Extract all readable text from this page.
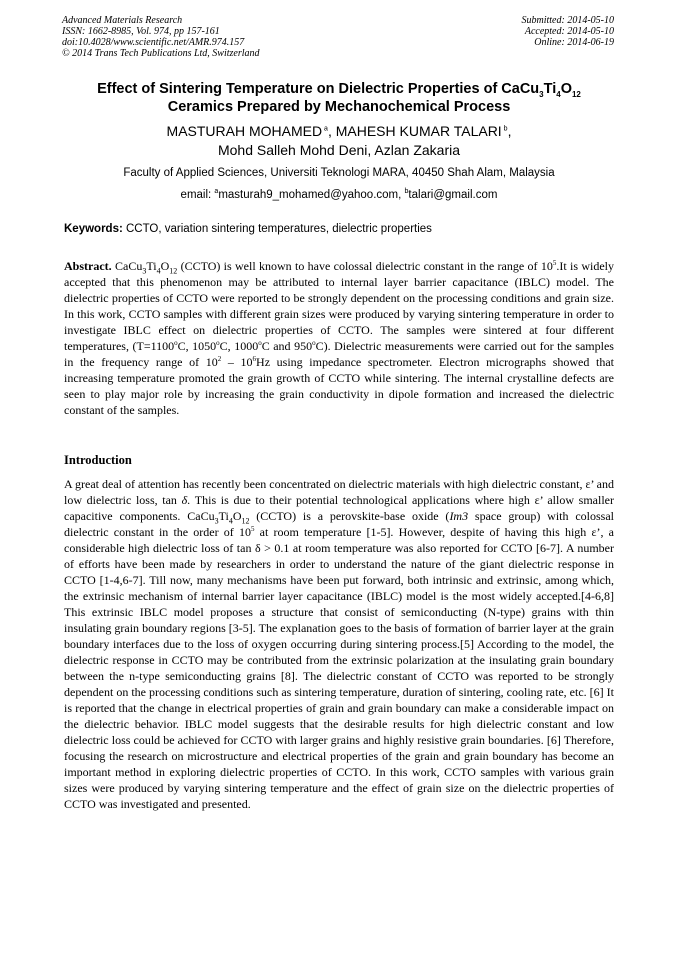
Advanced Materials Research
ISSN: 1662-8985, Vol. 974, pp 157-161
doi:10.4028/www.scientific.net/AMR.974.157
© 2014 Trans Tech Publications Ltd, Switzerland
Submitted: 2014-05-10
Accepted: 2014-05-10
Online: 2014-06-19
Effect of Sintering Temperature on Dielectric Properties of $CaCu_3Ti_4O_{12}$
Ceramics Prepared by Mechanochemical Process
MASTURAH MOHAMED $^a$, MAHESH KUMAR TALARI $^b$,
Mohd Salleh Mohd Deni, Azlan Zakaria
Faculty of Applied Sciences, Universiti Teknologi MARA, 40450 Shah Alam, Malaysia
email: $^a$masturah9_mohamed@yahoo.com, $^b$talari@gmail.com
Keywords: CCTO, variation sintering temperatures, dielectric properties
Abstract. $CaCu_3Ti_4O_{12}$ (CCTO) is well known to have colossal dielectric constant in the range of $10^5.It$ is widely accepted that this phenomenon may be attributed to internal layer barrier capacitance (IBLC) model. The dielectric properties of CCTO were reported to be strongly dependent on the processing conditions and grain size. In this work, CCTO samples with different grain sizes were produced by varying sintering temperature in order to investigate IBLC effect on dielectric properties of CCTO. The samples were sintered at four different temperatures, ($T=1100^oC$, 1050$^o$C, 1000$^o$C and 950$^o$C). Dielectric measurements were carried out for the samples in the frequency range of $10^2 - 10^6Hz$ using impedance spectrometer. Electron micrographs showed that increasing temperature promoted the grain growth of CCTO while sintering. The internal crystalline defects are seen to play major role by increasing the grain conductivity in dipole formation and increased the dielectric constant of the samples.
Introduction
A great deal of attention has recently been concentrated on dielectric materials with high dielectric constant, ε’ and low dielectric loss, tan δ. This is due to their potential technological applications where high ε’ allow smaller capacitive components. $CaCu_3Ti_4O_{12}$ (CCTO) is a perovskite-base oxide (Im3 space group) with colossal dielectric constant in the order of $10^5$ at room temperature [1-5]. However, despite of having this high ε’, a considerable high dielectric loss of tan δ > 0.1 at room temperature was also reported for CCTO [6-7]. A number of efforts have been made by researchers in order to understand the nature of the giant dielectric response in CCTO [1-4,6-7]. Till now, many mechanisms have been put forward, both intrinsic and extrinsic, among which, the extrinsic mechanism of internal barrier layer capacitance (IBLC) model is the most widely accepted.[4-6,8] This extrinsic IBLC model proposes a structure that consist of semiconducting (N-type) grains with thin insulating grain boundary regions [3-5]. The explanation goes to the basis of formation of barrier layer at the grain boundary interfaces due to the loss of oxygen occurring during sintering process.[5] According to the model, the dielectric response in CCTO may be contributed from the extrinsic polarization at the insulating grain boundary between the n-type semiconducting grains [8]. The dielectric constant of CCTO was reported to be strongly dependent on the processing conditions such as sintering temperature, duration of sintering, cooling rate, etc. [6] It is reported that the change in electrical properties of grain and grain boundary can make a considerable impact on the dielectric behavior. IBLC model suggests that the desirable results for high dielectric constant and low dielectric loss could be achieved for CCTO with larger grains and highly resistive grain boundaries. [6] Therefore, focusing the research on microstructure and electrical properties of the grain and grain boundary has become an important method in exploring dielectric properties of CCTO. In this work, CCTO samples with various grain sizes were produced by varying sintering temperature and the effect of grain size on the dielectric properties of CCTO was investigated and presented.
